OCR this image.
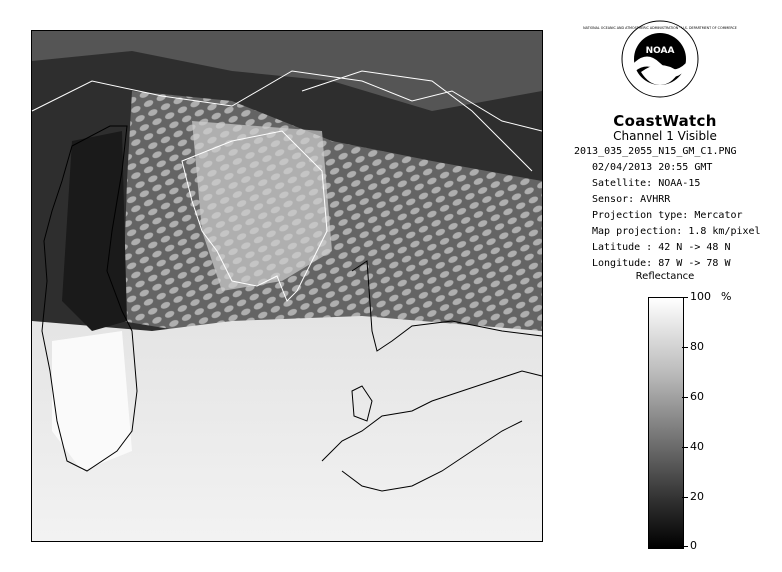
NOAA
NATIONAL OCEANIC AND ATMOSPHERIC ADMINISTRATION · U.S. DEPARTMENT OF COMMERCE
CoastWatch
Channel 1 Visible
2013_035_2055_N15_GM_C1.PNG
02/04/2013 20:55 GMT
Satellite: NOAA-15
Sensor: AVHRR
Projection type: Mercator
Map projection: 1.8 km/pixel
Latitude : 42 N -> 48 N
Longitude: 87 W -> 78 W
Reflectance
%
100
80
60
40
20
0
